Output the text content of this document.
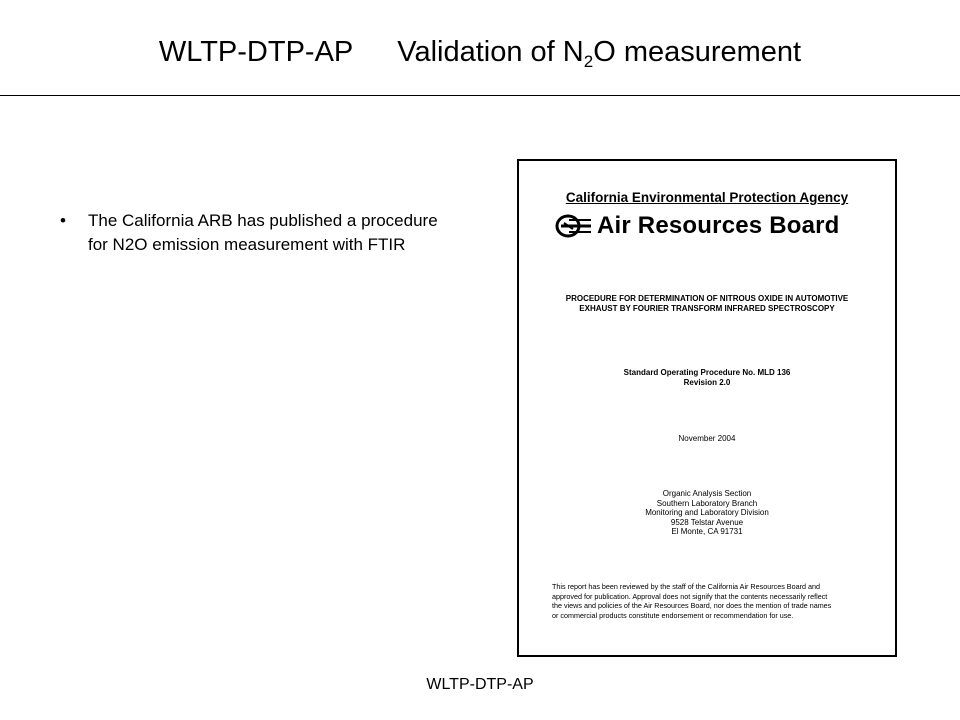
WLTP-DTP-AP Validation of $N_2O$ measurement
• The California ARB has published a procedure for N2O emission measurement with FTIR
California Environmental Protection Agency
Air Resources Board
PROCEDURE FOR DETERMINATION OF NITROUS OXIDE IN AUTOMOTIVE
EXHAUST BY FOURIER TRANSFORM INFRARED SPECTROSCOPY
Standard Operating Procedure No. MLD 136
Revision 2.0
November 2004
Organic Analysis Section
Southern Laboratory Branch
Monitoring and Laboratory Division
9528 Telstar Avenue
El Monte, CA 91731
This report has been reviewed by the staff of the California Air Resources Board and
approved for publication. Approval does not signify that the contents necessarily reflect
the views and policies of the Air Resources Board, nor does the mention of trade names
or commercial products constitute endorsement or recommendation for use.
WLTP-DTP-AP
